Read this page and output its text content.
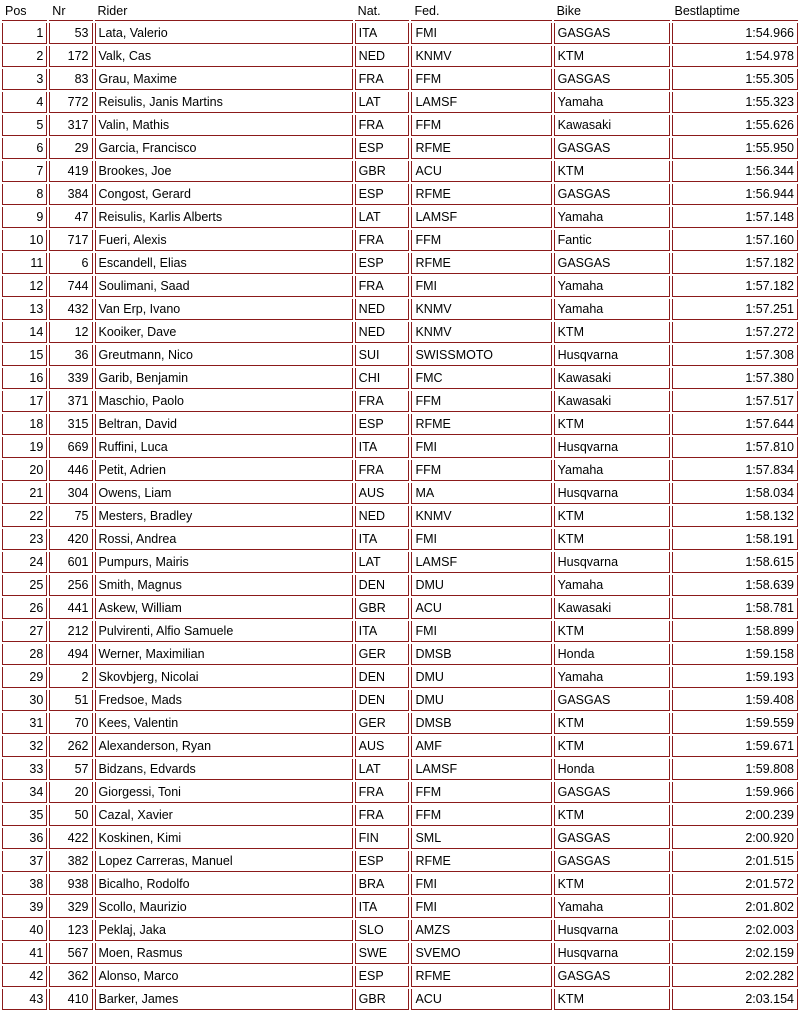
Pos	Nr	Rider	Nat.	Fed.	Bike	Bestlaptime
1	53	Lata, Valerio	ITA	FMI	GASGAS	1:54.966
2	172	Valk, Cas	NED	KNMV	KTM	1:54.978
3	83	Grau, Maxime	FRA	FFM	GASGAS	1:55.305
4	772	Reisulis, Janis Martins	LAT	LAMSF	Yamaha	1:55.323
5	317	Valin, Mathis	FRA	FFM	Kawasaki	1:55.626
6	29	Garcia, Francisco	ESP	RFME	GASGAS	1:55.950
7	419	Brookes, Joe	GBR	ACU	KTM	1:56.344
8	384	Congost, Gerard	ESP	RFME	GASGAS	1:56.944
9	47	Reisulis, Karlis Alberts	LAT	LAMSF	Yamaha	1:57.148
10	717	Fueri, Alexis	FRA	FFM	Fantic	1:57.160
11	6	Escandell, Elias	ESP	RFME	GASGAS	1:57.182
12	744	Soulimani, Saad	FRA	FMI	Yamaha	1:57.182
13	432	Van Erp, Ivano	NED	KNMV	Yamaha	1:57.251
14	12	Kooiker, Dave	NED	KNMV	KTM	1:57.272
15	36	Greutmann, Nico	SUI	SWISSMOTO	Husqvarna	1:57.308
16	339	Garib, Benjamin	CHI	FMC	Kawasaki	1:57.380
17	371	Maschio, Paolo	FRA	FFM	Kawasaki	1:57.517
18	315	Beltran, David	ESP	RFME	KTM	1:57.644
19	669	Ruffini, Luca	ITA	FMI	Husqvarna	1:57.810
20	446	Petit, Adrien	FRA	FFM	Yamaha	1:57.834
21	304	Owens, Liam	AUS	MA	Husqvarna	1:58.034
22	75	Mesters, Bradley	NED	KNMV	KTM	1:58.132
23	420	Rossi, Andrea	ITA	FMI	KTM	1:58.191
24	601	Pumpurs, Mairis	LAT	LAMSF	Husqvarna	1:58.615
25	256	Smith, Magnus	DEN	DMU	Yamaha	1:58.639
26	441	Askew, William	GBR	ACU	Kawasaki	1:58.781
27	212	Pulvirenti, Alfio Samuele	ITA	FMI	KTM	1:58.899
28	494	Werner, Maximilian	GER	DMSB	Honda	1:59.158
29	2	Skovbjerg, Nicolai	DEN	DMU	Yamaha	1:59.193
30	51	Fredsoe, Mads	DEN	DMU	GASGAS	1:59.408
31	70	Kees, Valentin	GER	DMSB	KTM	1:59.559
32	262	Alexanderson, Ryan	AUS	AMF	KTM	1:59.671
33	57	Bidzans, Edvards	LAT	LAMSF	Honda	1:59.808
34	20	Giorgessi, Toni	FRA	FFM	GASGAS	1:59.966
35	50	Cazal, Xavier	FRA	FFM	KTM	2:00.239
36	422	Koskinen, Kimi	FIN	SML	GASGAS	2:00.920
37	382	Lopez Carreras, Manuel	ESP	RFME	GASGAS	2:01.515
38	938	Bicalho, Rodolfo	BRA	FMI	KTM	2:01.572
39	329	Scollo, Maurizio	ITA	FMI	Yamaha	2:01.802
40	123	Peklaj, Jaka	SLO	AMZS	Husqvarna	2:02.003
41	567	Moen, Rasmus	SWE	SVEMO	Husqvarna	2:02.159
42	362	Alonso, Marco	ESP	RFME	GASGAS	2:02.282
43	410	Barker, James	GBR	ACU	KTM	2:03.154
